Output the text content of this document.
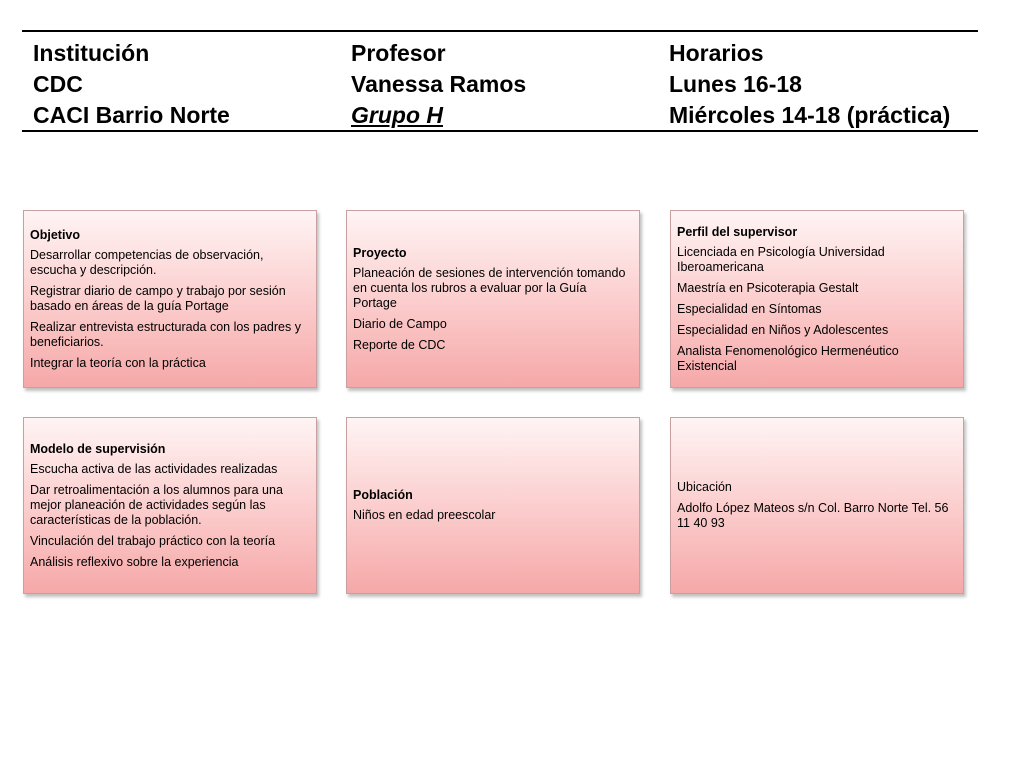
Institución
CDC
CACI Barrio Norte
Profesor
Vanessa Ramos
Grupo H
Horarios
Lunes 16-18
Miércoles 14-18 (práctica)
Objetivo
Desarrollar competencias de observación, escucha y descripción.
Registrar diario de campo y trabajo por sesión basado en áreas de la guía Portage
Realizar entrevista estructurada con los padres y beneficiarios.
Integrar la teoría con la práctica
Proyecto
Planeación de sesiones de intervención tomando en cuenta los rubros a evaluar por la Guía Portage
Diario de Campo
Reporte de CDC
Perfil del supervisor
Licenciada en Psicología Universidad Iberoamericana
Maestría en Psicoterapia Gestalt
Especialidad en Síntomas
Especialidad en Niños y Adolescentes
Analista Fenomenológico Hermenéutico Existencial
Modelo de supervisión
Escucha activa de las actividades realizadas
Dar retroalimentación a los alumnos para una mejor planeación de actividades según las características de la población.
Vinculación del trabajo práctico con la teoría
Análisis reflexivo sobre la experiencia
Población
Niños en edad preescolar
Ubicación
Adolfo López Mateos s/n Col. Barro Norte Tel. 56 11 40 93
